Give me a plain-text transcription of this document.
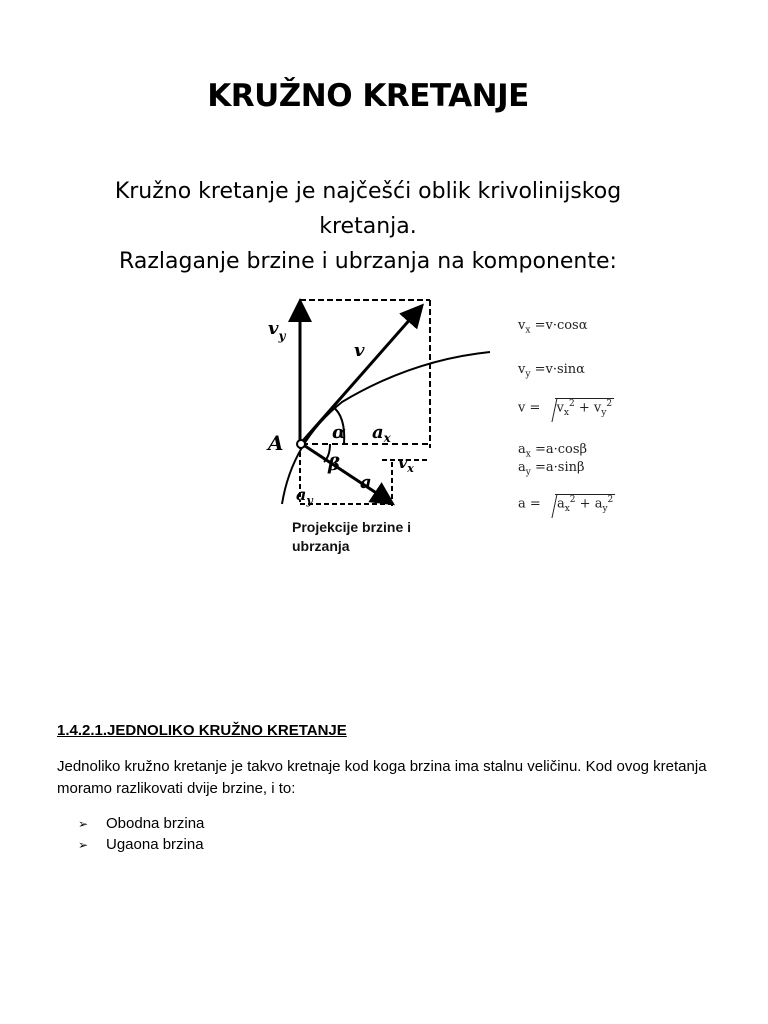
KRUŽNO KRETANJE
Kružno kretanje je najčešći oblik krivolinijskog
kretanja.
Razlaganje brzine i ubrzanja na komponente:
$v_y$
v
A	α $a_x$
β	$v_x$
a
$a_y$
Projekcije brzine i
ubrzanja
$v_x =v\cdot\cos\alpha$
$v_y =v\cdot\sin\alpha$
$v = v_x^2 + v_y^2$
$a_x =a\cdot\cos\beta$
$a_y =a\cdot\sin\beta$
$a = a_x^2 + a_y^2$
1.4.2.1.JEDNOLIKO KRUŽNO KRETANJE
Jednoliko kružno kretanje je takvo kretnaje kod koga brzina ima stalnu veličinu. Kod ovog kretanja moramo razlikovati dvije brzine, i to:
➢	Obodna brzina
➢	Ugaona brzina
